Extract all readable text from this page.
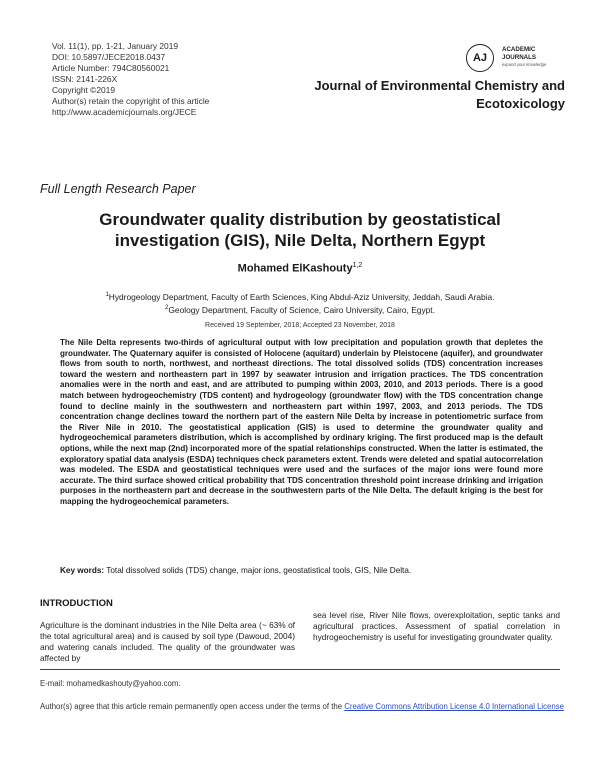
Vol. 11(1), pp. 1-21, January 2019
DOI: 10.5897/JECE2018.0437
Article Number: 794C80560021
ISSN: 2141-226X
Copyright ©2019
Author(s) retain the copyright of this article
http://www.academicjournals.org/JECE
AJ
ACADEMIC
JOURNALS
expand your knowledge
Journal of Environmental Chemistry and
Ecotoxicology
Full Length Research Paper
Groundwater quality distribution by geostatistical
investigation (GIS), Nile Delta, Northern Egypt
Mohamed ElKashouty$^{1,2}$
$^1$Hydrogeology Department, Faculty of Earth Sciences, King Abdul-Aziz University, Jeddah, Saudi Arabia.
$^2$Geology Department, Faculty of Science, Cairo University, Cairo, Egypt.
Received 19 September, 2018; Accepted 23 November, 2018
The Nile Delta represents two-thirds of agricultural output with low precipitation and population growth that depletes the groundwater. The Quaternary aquifer is consisted of Holocene (aquitard) underlain by Pleistocene (aquifer), and groundwater flows from south to north, northwest, and northeast directions. The total dissolved solids (TDS) concentration increases toward the western and northeastern part in 1997 by seawater intrusion and irrigation practices. The TDS concentration anomalies were in the north and east, and are attributed to pumping within 2003, 2010, and 2013 periods. There is a good match between hydrogeochemistry (TDS content) and hydrogeology (groundwater flow) with the TDS concentration change found to decline mainly in the southwestern and northeastern part within 1997, 2003, and 2013 periods. The TDS concentration change declines toward the northern part of the eastern Nile Delta by increase in potentiometric surface from the River Nile in 2010. The geostatistical application (GIS) is used to determine the groundwater quality and hydrogeochemical parameters distribution, which is accomplished by ordinary kriging. The first produced map is the default options, while the next map (2nd) incorporated more of the spatial relationships constructed. When the latter is estimated, the exploratory spatial data analysis (ESDA) techniques check parameters extent. Trends were deleted and spatial autocorrelation was modeled. The ESDA and geostatistical techniques were used and the surfaces of the major ions were found more accurate. The third surface showed critical probability that TDS concentration threshold point increase drinking and irrigation purposes in the northeastern part and decrease in the southwestern parts of the Nile Delta. The default kriging is the best for mapping the hydrogeochemical parameters.
Key words: Total dissolved solids (TDS) change, major ions, geostatistical tools, GIS, Nile Delta.
INTRODUCTION
Agriculture is the dominant industries in the Nile Delta area (~ 63% of the total agricultural area) and is caused by soil type (Dawoud, 2004) and watering canals included. The quality of the groundwater was affected by
sea level rise, River Nile flows, overexploitation, septic tanks and agricultural practices. Assessment of spatial correlation in hydrogeochemistry is useful for investigating groundwater quality.
E-mail: mohamedkashouty@yahoo.com.
Author(s) agree that this article remain permanently open access under the terms of the Creative Commons Attribution License 4.0 International License
